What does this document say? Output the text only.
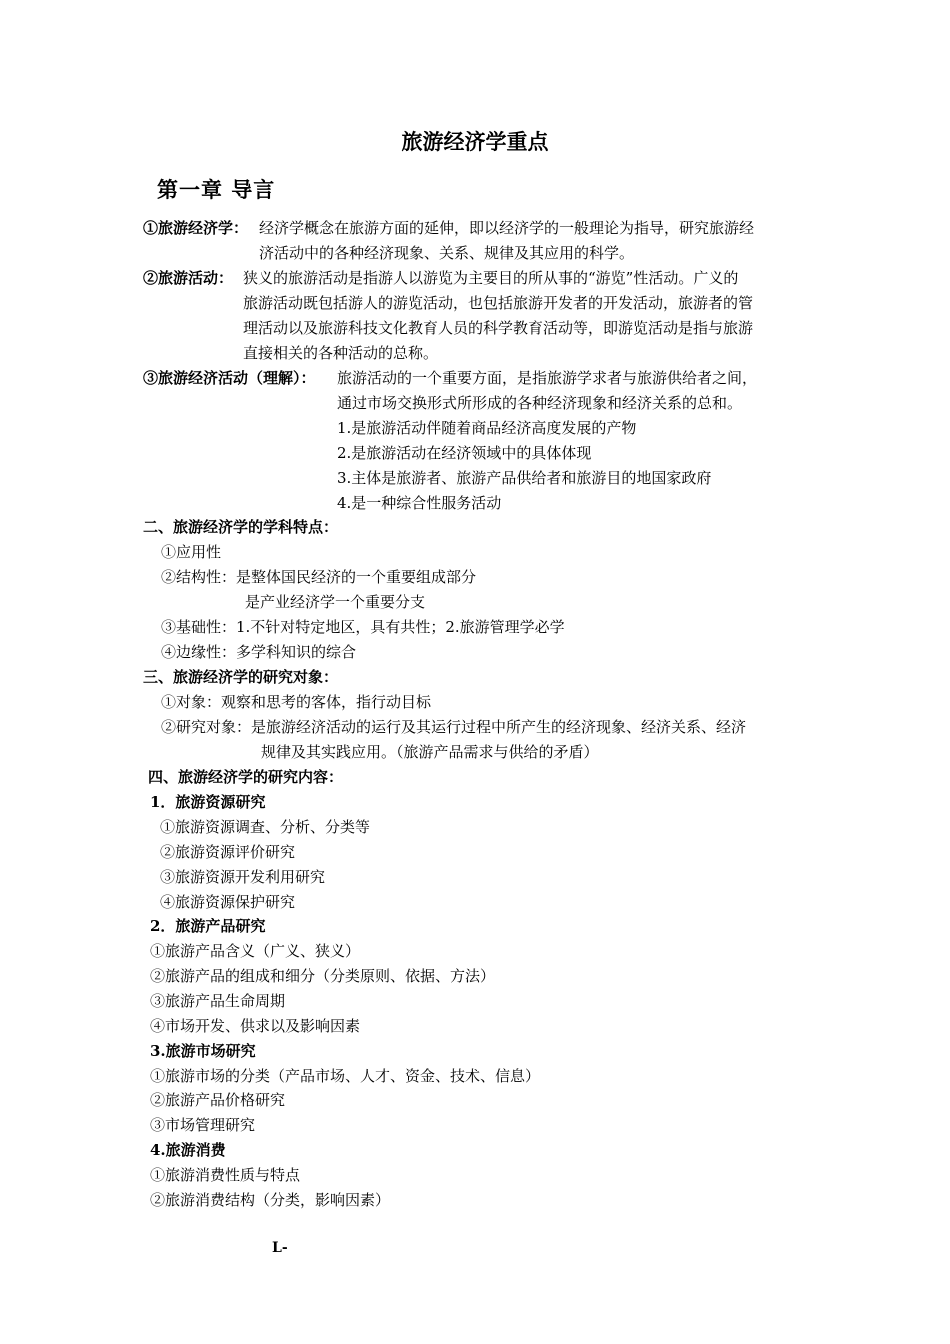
旅游经济学重点
第一章 导言
①旅游经济学： 经济学概念在旅游方面的延伸，即以经济学的一般理论为指导，研究旅游经
济活动中的各种经济现象、关系、规律及其应用的科学。
②旅游活动： 狭义的旅游活动是指游人以游览为主要目的所从事的“游览”性活动。广义的
旅游活动既包括游人的游览活动，也包括旅游开发者的开发活动，旅游者的管
理活动以及旅游科技文化教育人员的科学教育活动等，即游览活动是指与旅游
直接相关的各种活动的总称。
③旅游经济活动（理解）： 旅游活动的一个重要方面，是指旅游学求者与旅游供给者之间，
通过市场交换形式所形成的各种经济现象和经济关系的总和。
1.是旅游活动伴随着商品经济高度发展的产物
2.是旅游活动在经济领域中的具体体现
3.主体是旅游者、旅游产品供给者和旅游目的地国家政府
4.是一种综合性服务活动
二、旅游经济学的学科特点：
①应用性
②结构性：是整体国民经济的一个重要组成部分
是产业经济学一个重要分支
③基础性：1.不针对特定地区，具有共性；2.旅游管理学必学
④边缘性：多学科知识的综合
三、旅游经济学的研究对象：
①对象：观察和思考的客体，指行动目标
②研究对象：是旅游经济活动的运行及其运行过程中所产生的经济现象、经济关系、经济
规律及其实践应用。（旅游产品需求与供给的矛盾）
四、旅游经济学的研究内容：
1．旅游资源研究
①旅游资源调查、分析、分类等
②旅游资源评价研究
③旅游资源开发利用研究
④旅游资源保护研究
2．旅游产品研究
①旅游产品含义（广义、狭义）
②旅游产品的组成和细分（分类原则、依据、方法）
③旅游产品生命周期
④市场开发、供求以及影响因素
3.旅游市场研究
①旅游市场的分类（产品市场、人才、资金、技术、信息）
②旅游产品价格研究
③市场管理研究
4.旅游消费
①旅游消费性质与特点
②旅游消费结构（分类，影响因素）
L-
